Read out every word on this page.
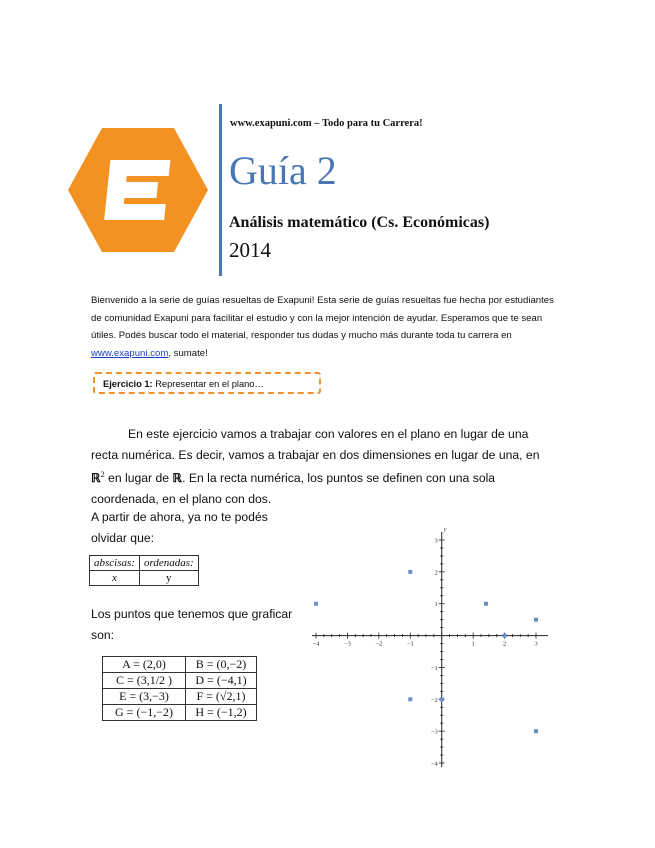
www.exapuni.com – Todo para tu Carrera!
Guía 2
Análisis matemático (Cs. Económicas)
2014
Bienvenido a la serie de guías resueltas de Exapuni! Esta serie de guías resueltas fue hecha por estudiantes de comunidad Exapuni para facilitar el estudio y con la mejor intención de ayudar. Esperamos que te sean útiles. Podés buscar todo el material, responder tus dudas y mucho más durante toda tu carrera en www.exapuni.com, sumate!
Ejercicio 1: Representar en el plano…
En este ejercicio vamos a trabajar con valores en el plano en lugar de una recta numérica. Es decir, vamos a trabajar en dos dimensiones en lugar de una, en ℝ$^2$ en lugar de ℝ. En la recta numérica, los puntos se definen con una sola coordenada, en el plano con dos.
A partir de ahora, ya no te podés
olvidar que:
abscisas:	ordenadas:
x	y
Los puntos que tenemos que graficar
son:
A = (2,0)	B = (0,−2)
C = (3,1/2 )	D = (−4,1)
E = (3,−3)	F = (√2,1)
G = (−1,−2)	H = (−1,2)
y
−4	−3	−2	−1	1	2	3
−4
−3
−2
−1
1
2
3
